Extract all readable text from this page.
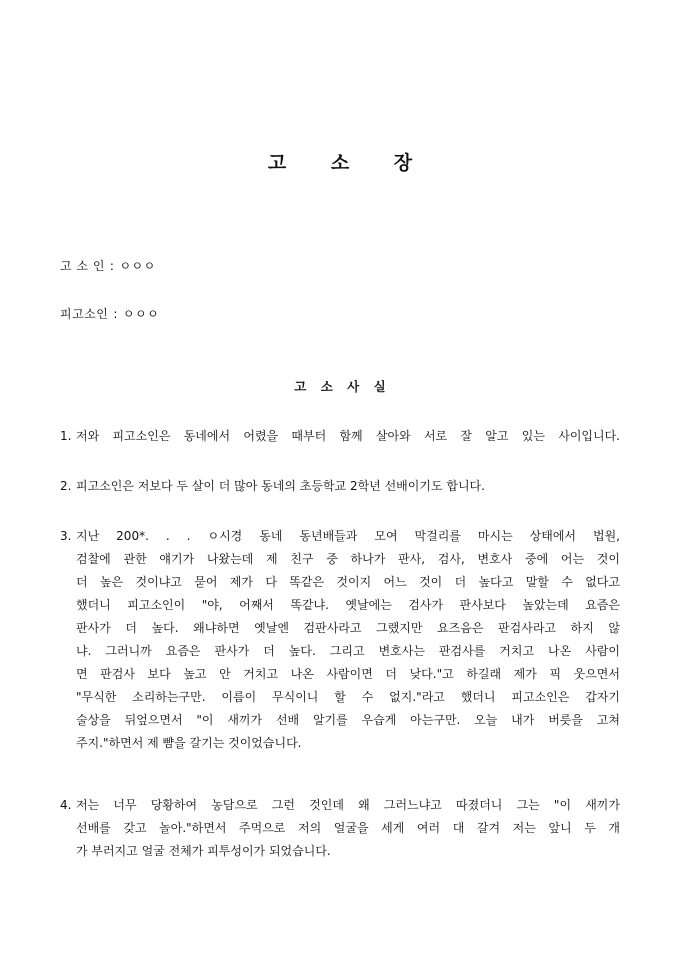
고 소 장
고 소 인 : ㅇㅇㅇ
피고소인 : ㅇㅇㅇ
고 소 사 실
1. 저와 피고소인은 동네에서 어렸을 때부터 함께 살아와 서로 잘 알고 있는 사이입니다.
2. 피고소인은 저보다 두 살이 더 많아 동네의 초등학교 2학년 선배이기도 합니다.
3. 지난 200*. . . ㅇ시경 동네 동년배들과 모여 막걸리를 마시는 상태에서 법원,
검찰에 관한 얘기가 나왔는데 제 친구 중 하나가 판사, 검사, 변호사 중에 어는 것이
더 높은 것이냐고 묻어 제가 다 똑같은 것이지 어느 것이 더 높다고 말할 수 없다고
했더니 피고소인이 "야, 어째서 똑같냐. 옛날에는 검사가 판사보다 높았는데 요즘은
판사가 더 높다. 왜냐하면 옛날엔 검판사라고 그랬지만 요즈음은 판검사라고 하지 않
냐. 그러니까 요즘은 판사가 더 높다. 그리고 변호사는 판검사를 거치고 나온 사람이
면 판검사 보다 높고 안 거치고 나온 사람이면 더 낮다."고 하길래 제가 픽 웃으면서
"무식한 소리하는구만. 이름이 무식이니 할 수 없지."라고 했더니 피고소인은 갑자기
술상을 뒤엎으면서 "이 새끼가 선배 알기를 우습게 아는구만. 오늘 내가 버릇을 고쳐
주지."하면서 제 뺨을 갈기는 것이었습니다.
4. 저는 너무 당황하여 농담으로 그런 것인데 왜 그러느냐고 따졌더니 그는 "이 새끼가
선배를 갖고 놀아."하면서 주먹으로 저의 얼굴을 세게 여러 대 갈겨 저는 앞니 두 개
가 부러지고 얼굴 전체가 피투성이가 되었습니다.
